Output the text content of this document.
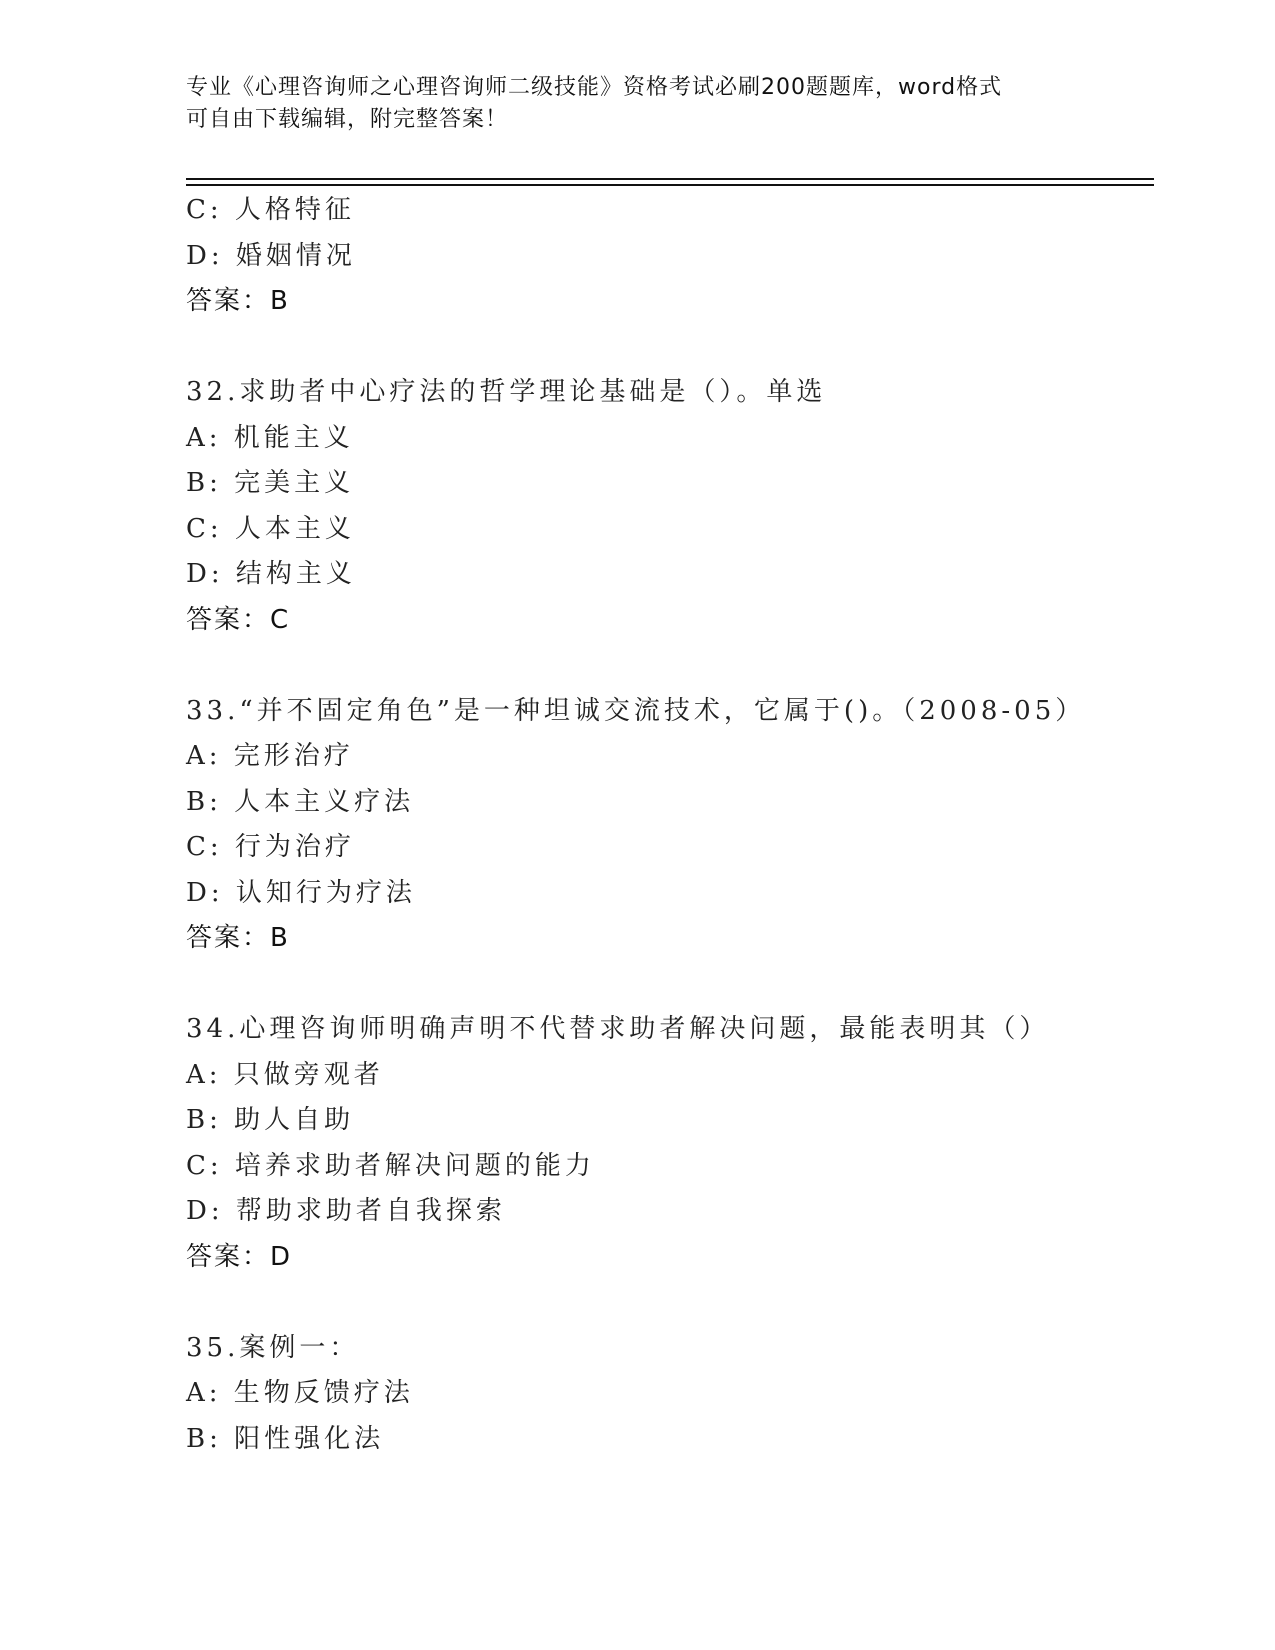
专业《心理咨询师之心理咨询师二级技能》资格考试必刷200题题库，word格式
可自由下载编辑，附完整答案！
C: 人格特征
D: 婚姻情况
答案：B
32.求助者中心疗法的哲学理论基础是（）。单选
A: 机能主义
B: 完美主义
C: 人本主义
D: 结构主义
答案：C
33.“并不固定角色”是一种坦诚交流技术，它属于()。（2008-05）
A: 完形治疗
B: 人本主义疗法
C: 行为治疗
D: 认知行为疗法
答案：B
34.心理咨询师明确声明不代替求助者解决问题，最能表明其（）
A: 只做旁观者
B: 助人自助
C: 培养求助者解决问题的能力
D: 帮助求助者自我探索
答案：D
35.案例一：
A: 生物反馈疗法
B: 阳性强化法
